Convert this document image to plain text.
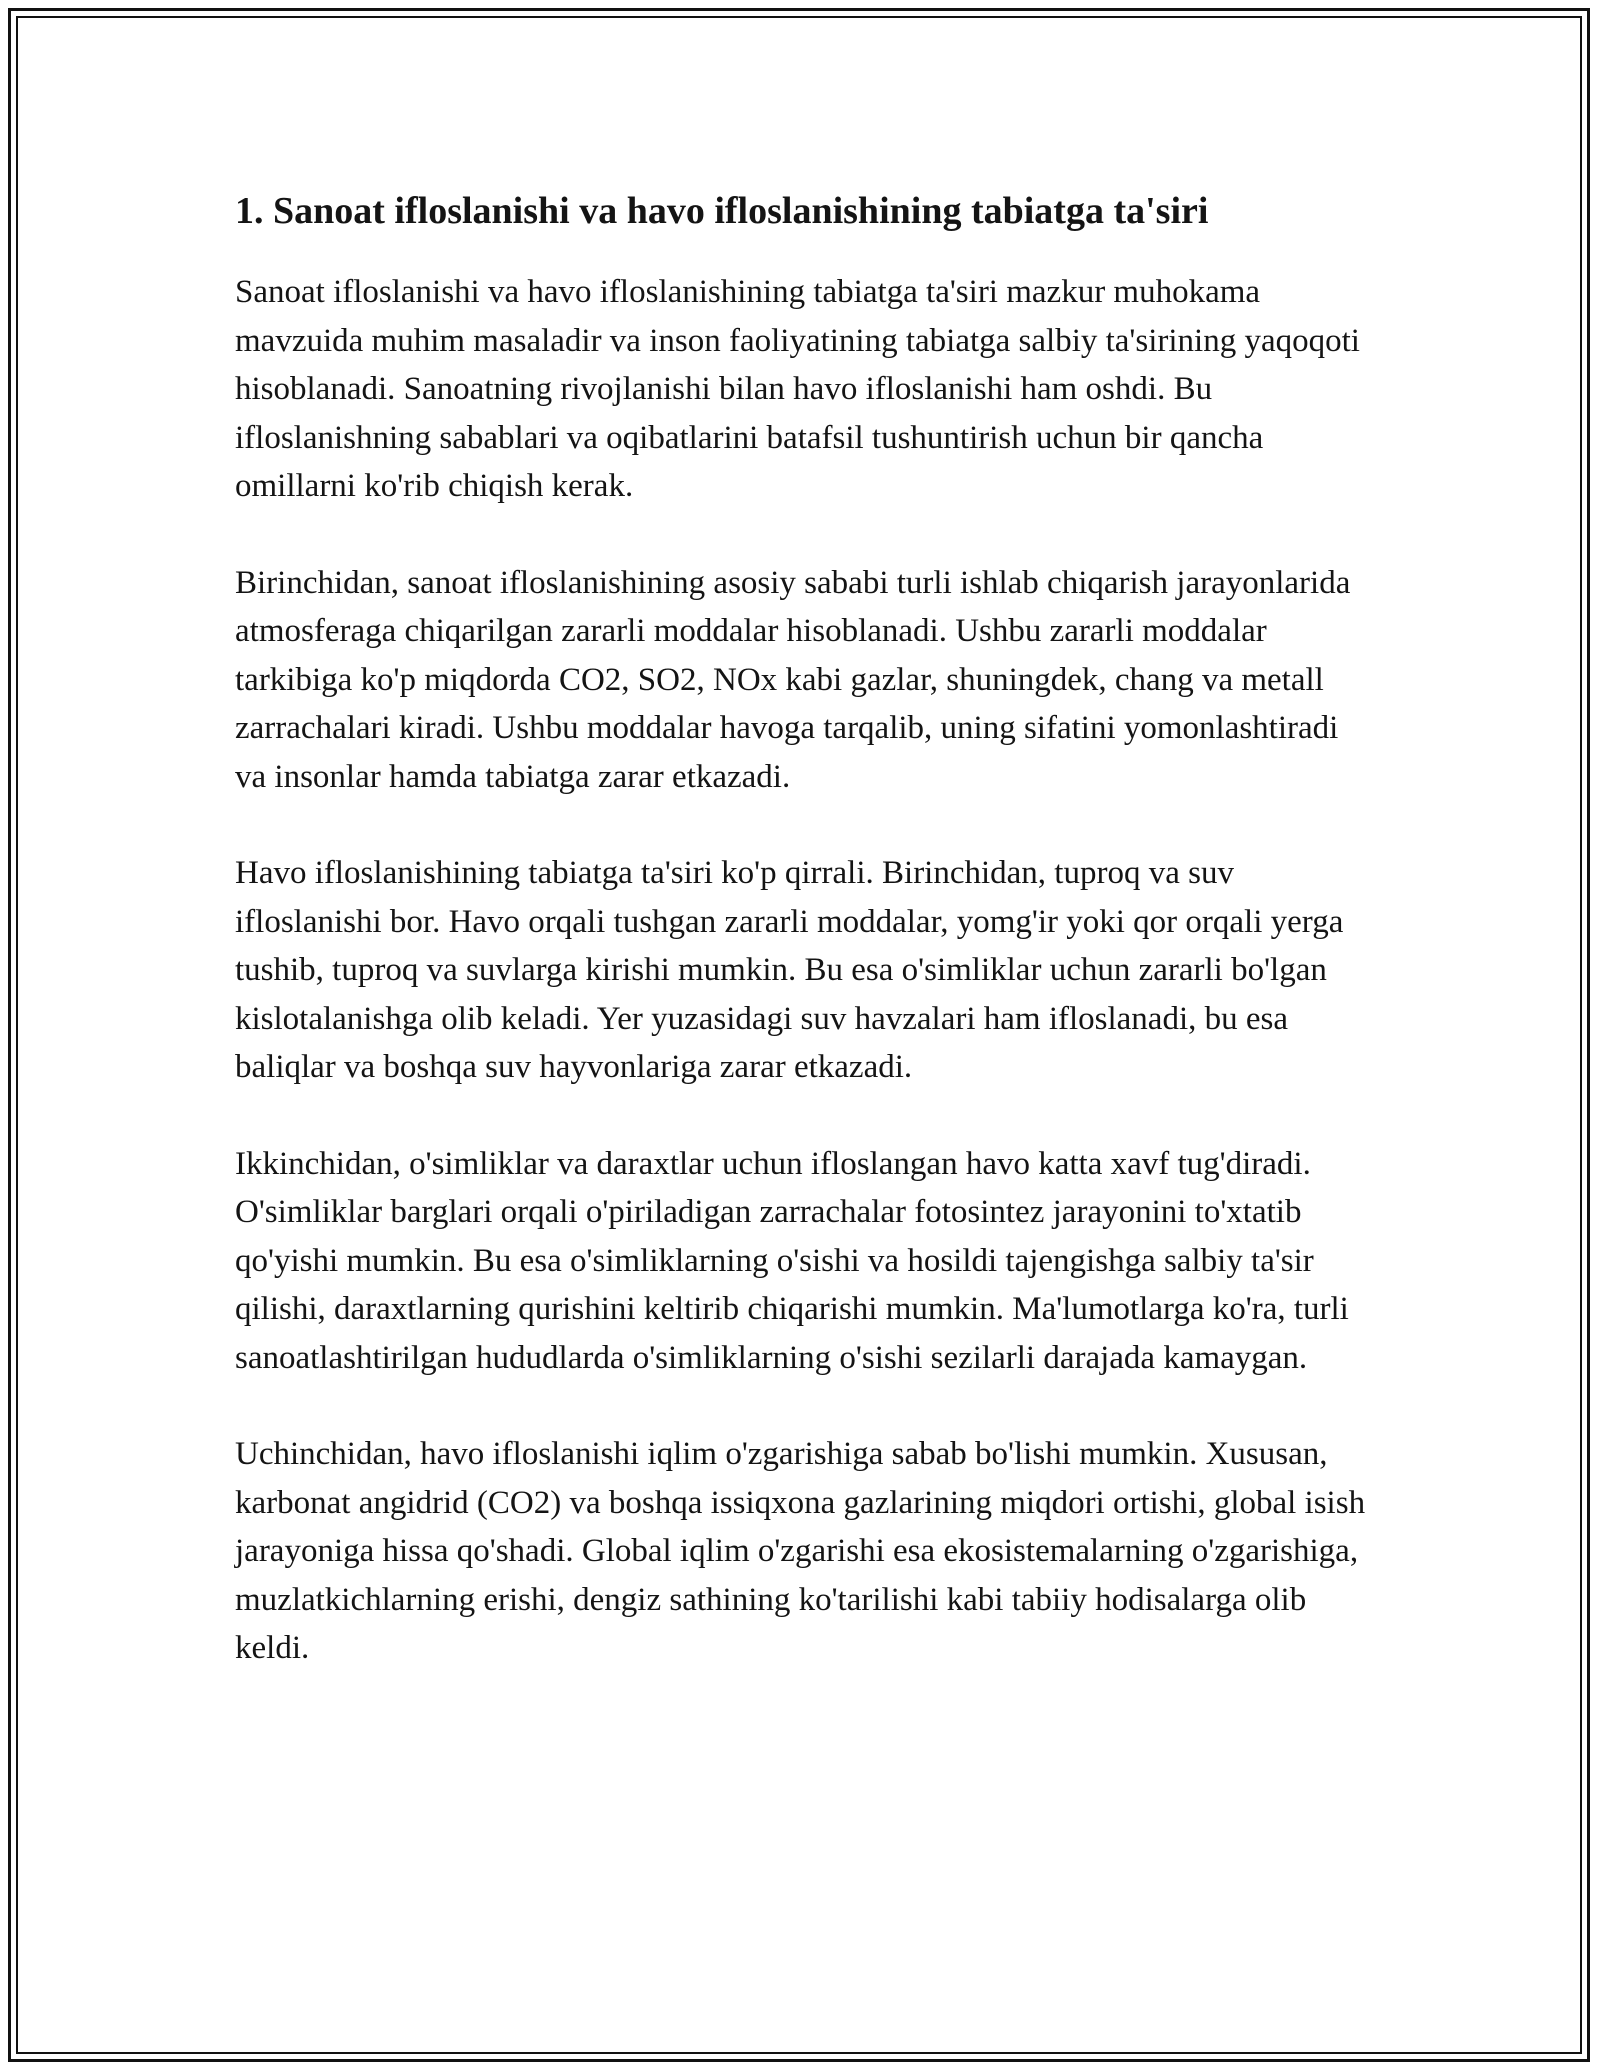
1. Sanoat ifloslanishi va havo ifloslanishining tabiatga ta'siri

Sanoat ifloslanishi va havo ifloslanishining tabiatga ta'siri mazkur muhokama mavzuida muhim masaladir va inson faoliyatining tabiatga salbiy ta'sirining yaqoqoti hisoblanadi. Sanoatning rivojlanishi bilan havo ifloslanishi ham oshdi. Bu ifloslanishning sabablari va oqibatlarini batafsil tushuntirish uchun bir qancha omillarni ko'rib chiqish kerak.

Birinchidan, sanoat ifloslanishining asosiy sababi turli ishlab chiqarish jarayonlarida atmosferaga chiqarilgan zararli moddalar hisoblanadi. Ushbu zararli moddalar tarkibiga ko'p miqdorda CO2, SO2, NOx kabi gazlar, shuningdek, chang va metall zarrachalari kiradi. Ushbu moddalar havoga tarqalib, uning sifatini yomonlashtiradi va insonlar hamda tabiatga zarar etkazadi.

Havo ifloslanishining tabiatga ta'siri ko'p qirrali. Birinchidan, tuproq va suv ifloslanishi bor. Havo orqali tushgan zararli moddalar, yomg'ir yoki qor orqali yerga tushib, tuproq va suvlarga kirishi mumkin. Bu esa o'simliklar uchun zararli bo'lgan kislotalanishga olib keladi. Yer yuzasidagi suv havzalari ham ifloslanadi, bu esa baliqlar va boshqa suv hayvonlariga zarar etkazadi.

Ikkinchidan, o'simliklar va daraxtlar uchun ifloslangan havo katta xavf tug'diradi. O'simliklar barglari orqali o'piriladigan zarrachalar fotosintez jarayonini to'xtatib qo'yishi mumkin. Bu esa o'simliklarning o'sishi va hosildi tajengishga salbiy ta'sir qilishi, daraxtlarning qurishini keltirib chiqarishi mumkin. Ma'lumotlarga ko'ra, turli sanoatlashtirilgan hududlarda o'simliklarning o'sishi sezilarli darajada kamaygan.

Uchinchidan, havo ifloslanishi iqlim o'zgarishiga sabab bo'lishi mumkin. Xususan, karbonat angidrid (CO2) va boshqa issiqxona gazlarining miqdori ortishi, global isish jarayoniga hissa qo'shadi. Global iqlim o'zgarishi esa ekosistemalarning o'zgarishiga, muzlatkichlarning erishi, dengiz sathining ko'tarilishi kabi tabiiy hodisalarga olib keldi.
